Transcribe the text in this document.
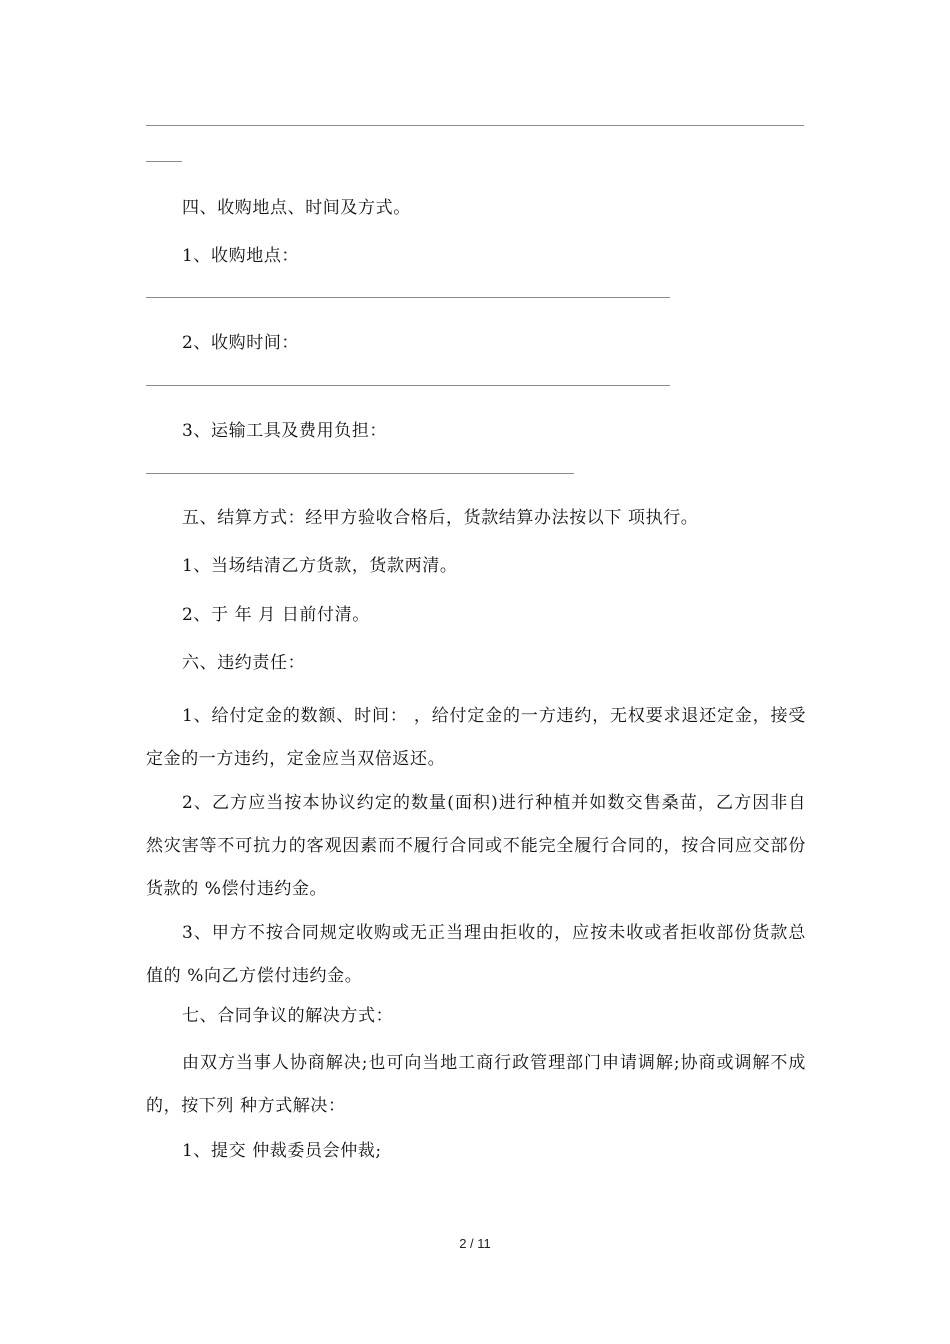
四、收购地点、时间及方式。
1、收购地点：
2、收购时间：
3、运输工具及费用负担：
五、结算方式：经甲方验收合格后，货款结算办法按以下 项执行。
1、当场结清乙方货款，货款两清。
2、于 年 月 日前付清。
六、违约责任：
1、给付定金的数额、时间： ，给付定金的一方违约，无权要求退还定金，接受定金的一方违约，定金应当双倍返还。
2、乙方应当按本协议约定的数量(面积)进行种植并如数交售桑苗，乙方因非自然灾害等不可抗力的客观因素而不履行合同或不能完全履行合同的，按合同应交部份货款的 %偿付违约金。
3、甲方不按合同规定收购或无正当理由拒收的，应按未收或者拒收部份货款总值的 %向乙方偿付违约金。
七、合同争议的解决方式：
由双方当事人协商解决;也可向当地工商行政管理部门申请调解;协商或调解不成的，按下列 种方式解决：
1、提交 仲裁委员会仲裁;
2 / 11
